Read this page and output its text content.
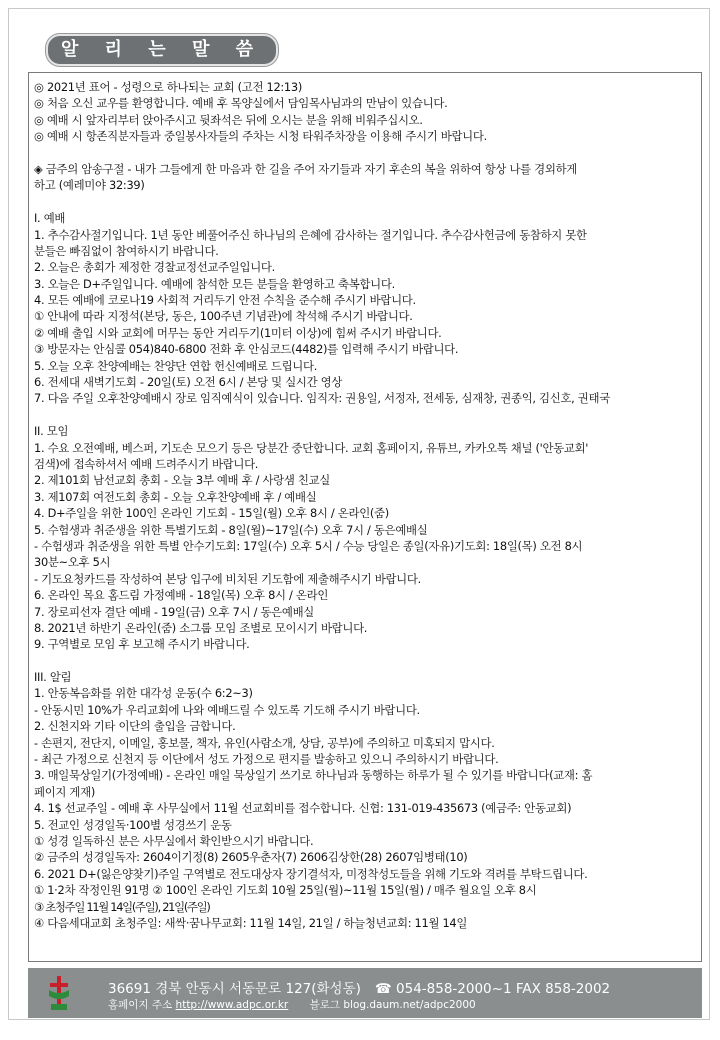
알 리 는 말 씀
◎ 2021년 표어 - 성령으로 하나되는 교회 (고전 12:13)
◎ 처음 오신 교우를 환영합니다. 예배 후 목양실에서 담임목사님과의 만남이 있습니다.
◎ 예배 시 앞자리부터 앉아주시고 뒷좌석은 뒤에 오시는 분을 위해 비워주십시오.
◎ 예배 시 항존직분자들과 중일봉사자들의 주차는 시청 타워주차장을 이용해 주시기 바랍니다.
◈ 금주의 암송구절 - 내가 그들에게 한 마음과 한 길을 주어 자기들과 자기 후손의 복을 위하여 항상 나를 경외하게
하고 (예레미야 32:39)
I. 예배
1. 추수감사절기입니다. 1년 동안 베풀어주신 하나님의 은혜에 감사하는 절기입니다. 추수감사헌금에 동참하지 못한
분들은 빠짐없이 참여하시기 바랍니다.
2. 오늘은 총회가 제정한 경찰교정선교주일입니다.
3. 오늘은 D+주일입니다. 예배에 참석한 모든 분들을 환영하고 축복합니다.
4. 모든 예배에 코로나19 사회적 거리두기 안전 수칙을 준수해 주시기 바랍니다.
① 안내에 따라 지정석(본당, 동은, 100주년 기념관)에 착석해 주시기 바랍니다.
② 예배 출입 시와 교회에 머무는 동안 거리두기(1미터 이상)에 힘써 주시기 바랍니다.
③ 방문자는 안심콜 054)840-6800 전화 후 안심코드(4482)를 입력해 주시기 바랍니다.
5. 오늘 오후 찬양예배는 찬양단 연합 헌신예배로 드립니다.
6. 전세대 새벽기도회 - 20일(토) 오전 6시 / 본당 및 실시간 영상
7. 다음 주일 오후찬양예배시 장로 임직예식이 있습니다. 임직자: 권용일, 서정자, 전세동, 심재창, 권종익, 김신호, 권태국
II. 모임
1. 수요 오전예배, 베스퍼, 기도손 모으기 등은 당분간 중단합니다. 교회 홈페이지, 유튜브, 카카오톡 채널 ('안동교회'
검색)에 접속하셔서 예배 드려주시기 바랍니다.
2. 제101회 남선교회 총회 - 오늘 3부 예배 후 / 사랑샘 친교실
3. 제107회 여전도회 총회 - 오늘 오후찬양예배 후 / 예배실
4. D+주일을 위한 100인 온라인 기도회 - 15일(월) 오후 8시 / 온라인(줌)
5. 수험생과 취준생을 위한 특별기도회 - 8일(월)~17일(수) 오후 7시 / 동은예배실
- 수험생과 취준생을 위한 특별 안수기도회: 17일(수) 오후 5시 / 수능 당일은 종일(자유)기도회: 18일(목) 오전 8시
30분~오후 5시
- 기도요청카드를 작성하여 본당 입구에 비치된 기도함에 제출해주시기 바랍니다.
6. 온라인 목요 홈드림 가정예배 - 18일(목) 오후 8시 / 온라인
7. 장로피선자 결단 예배 - 19일(금) 오후 7시 / 동은예배실
8. 2021년 하반기 온라인(줌) 소그룹 모임 조별로 모이시기 바랍니다.
9. 구역별로 모임 후 보고해 주시기 바랍니다.
III. 알림
1. 안동복음화를 위한 대각성 운동(수 6:2~3)
- 안동시민 10%가 우리교회에 나와 예배드릴 수 있도록 기도해 주시기 바랍니다.
2. 신천지와 기타 이단의 출입을 금합니다.
- 손편지, 전단지, 이메일, 홍보물, 책자, 유인(사람소개, 상담, 공부)에 주의하고 미혹되지 맙시다.
- 최근 가정으로 신천지 등 이단에서 성도 가정으로 편지를 발송하고 있으니 주의하시기 바랍니다.
3. 매일묵상일기(가정예배) - 온라인 매일 묵상일기 쓰기로 하나님과 동행하는 하루가 될 수 있기를 바랍니다(교재: 홈
페이지 게재)
4. 1$ 선교주일 - 예배 후 사무실에서 11월 선교회비를 접수합니다. 신협: 131-019-435673 (예금주: 안동교회)
5. 전교인 성경일독·100별 성경쓰기 운동
① 성경 일독하신 분은 사무실에서 확인받으시기 바랍니다.
② 금주의 성경일독자: 2604이기정(8) 2605우춘자(7) 2606김상한(28) 2607임병태(10)
6. 2021 D+(잃은양찾기)주일 구역별로 전도대상자 장기결석자, 미정착성도들을 위해 기도와 격려를 부탁드립니다.
① 1·2차 작정인원 91명 ② 100인 온라인 기도회 10월 25일(월)~11월 15일(월) / 매주 월요일 오후 8시
③ 초청주일 11월 14일(주일), 21일(주일)
④ 다음세대교회 초청주일: 새싹·꿈나무교회: 11월 14일, 21일 / 하늘청년교회: 11월 14일
36691 경북 안동시 서동문로 127(화성동) ☎ 054-858-2000~1 FAX 858-2002
홈페이지 주소 http://www.adpc.or.kr 블로그 blog.daum.net/adpc2000
